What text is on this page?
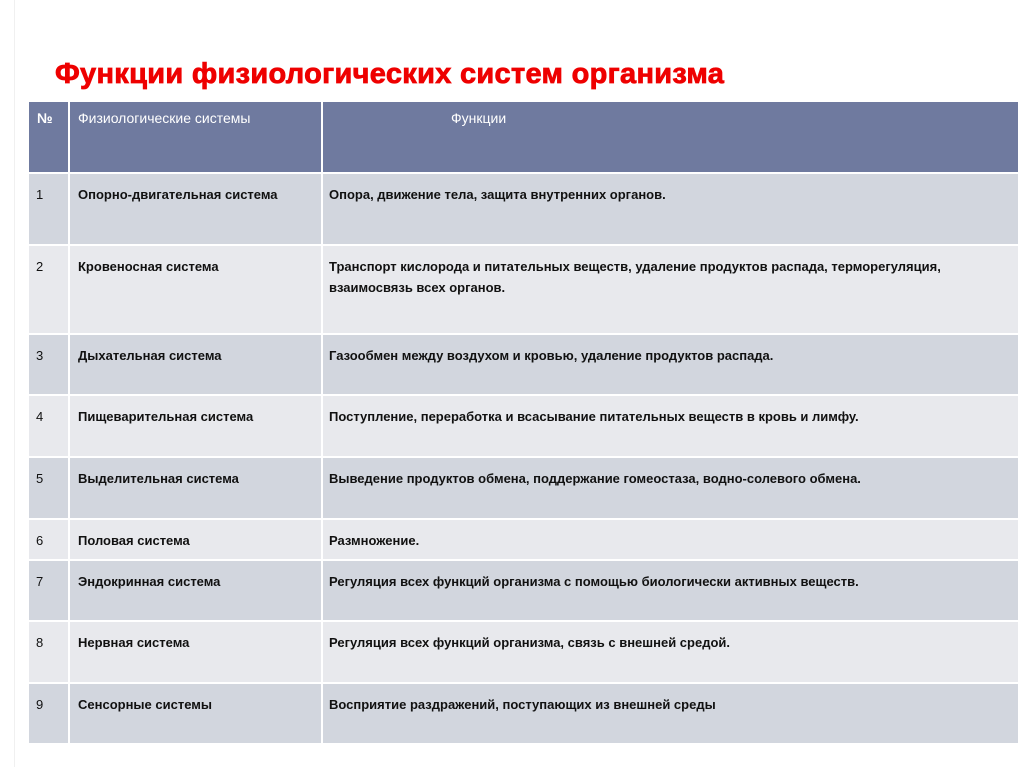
Функции физиологических систем организма
№	Физиологические системы	Функции
1	Опорно-двигательная система	Опора, движение тела, защита внутренних органов.
2	Кровеносная система	Транспорт кислорода и питательных веществ, удаление продуктов распада, терморегуляция, взаимосвязь всех органов.
3	Дыхательная система	Газообмен между воздухом и кровью, удаление продуктов распада.
4	Пищеварительная система	Поступление, переработка и всасывание питательных веществ в кровь и лимфу.
5	Выделительная система	Выведение продуктов обмена, поддержание гомеостаза, водно-солевого обмена.
6	Половая система	Размножение.
7	Эндокринная система	Регуляция всех функций организма с помощью биологически активных веществ.
8	Нервная система	Регуляция всех функций организма, связь с внешней средой.
9	Сенсорные системы	Восприятие раздражений, поступающих из внешней среды
